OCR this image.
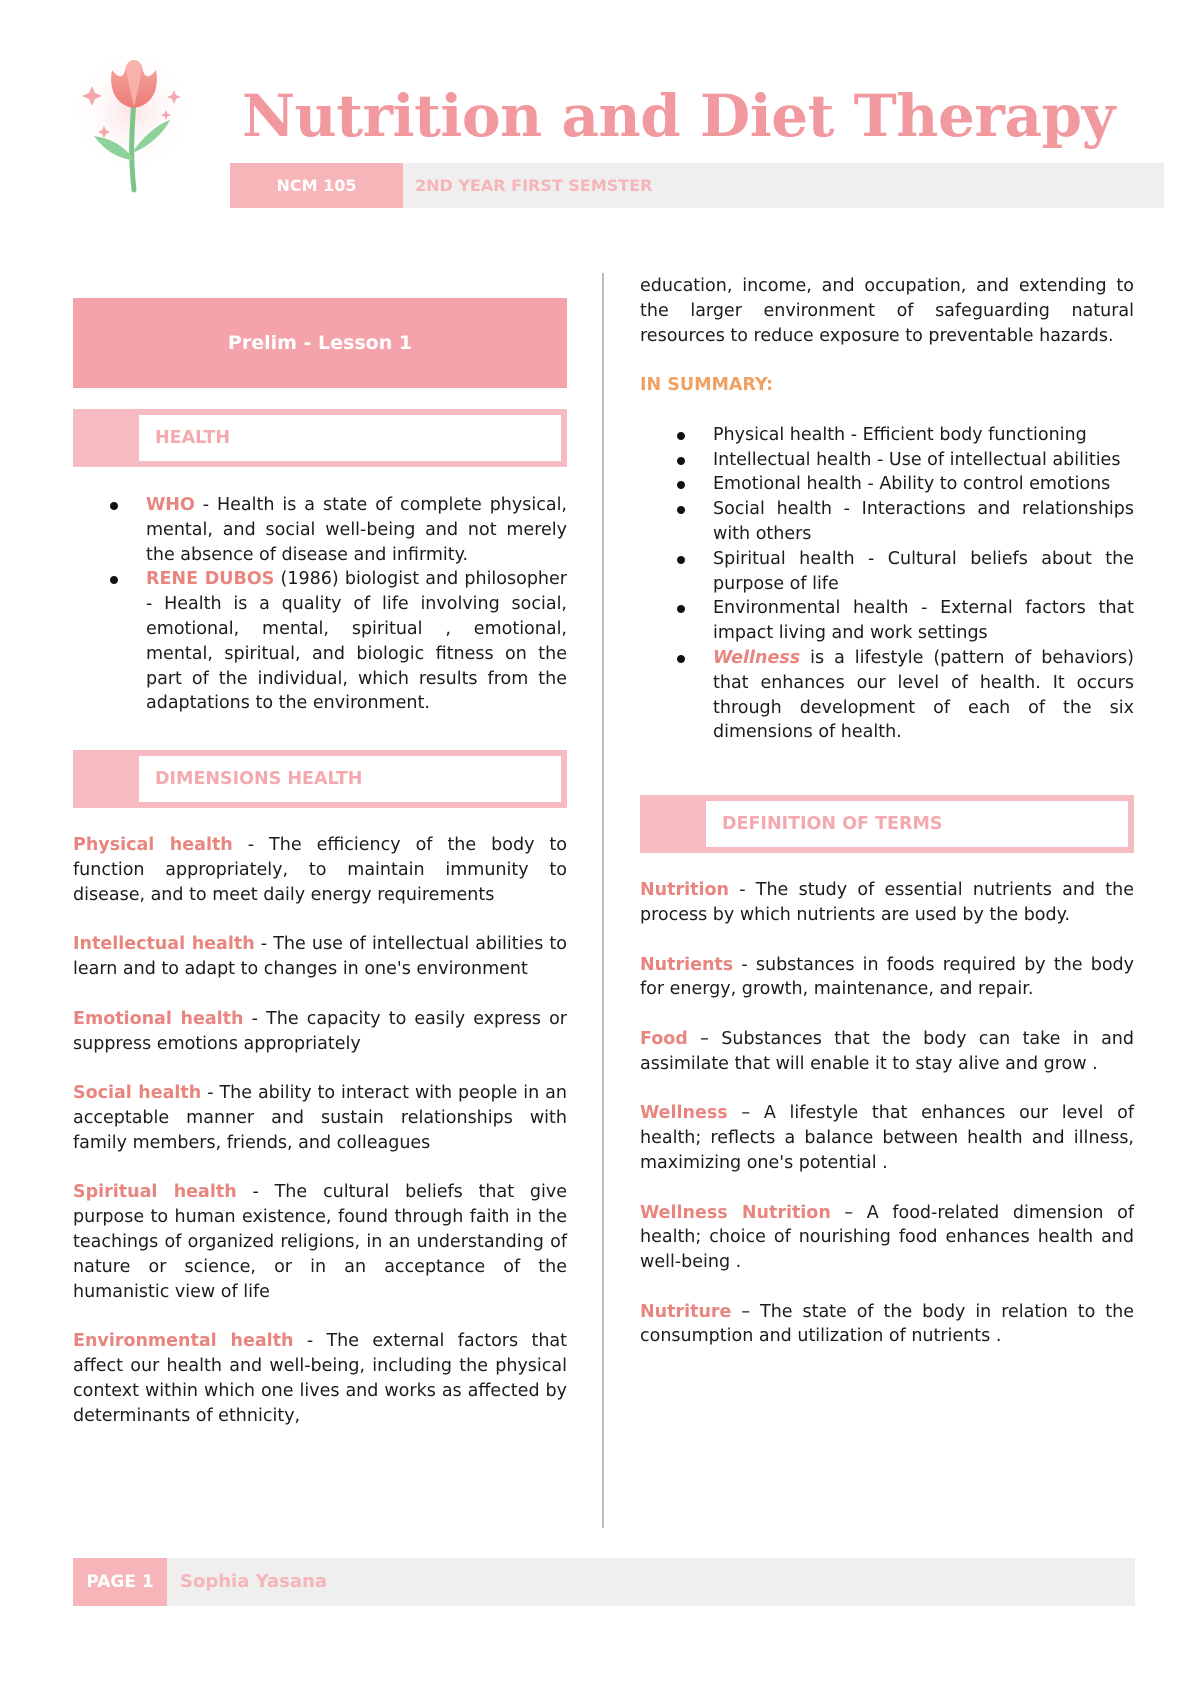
Nutrition and Diet Therapy
NCM 105	2ND YEAR FIRST SEMSTER
Prelim - Lesson 1
HEALTH
WHO - Health is a state of complete physical, mental, and social well-being and not merely the absence of disease and infirmity.
RENE DUBOS (1986) biologist and philosopher - Health is a quality of life involving social, emotional, mental, spiritual , emotional, mental, spiritual, and biologic fitness on the part of the individual, which results from the adaptations to the environment.
DIMENSIONS HEALTH

Physical health - The efficiency of the body to function appropriately, to maintain immunity to disease, and to meet daily energy requirements

Intellectual health - The use of intellectual abilities to learn and to adapt to changes in one's environment

Emotional health - The capacity to easily express or suppress emotions appropriately

Social health - The ability to interact with people in an acceptable manner and sustain relationships with family members, friends, and colleagues

Spiritual health - The cultural beliefs that give purpose to human existence, found through faith in the teachings of organized religions, in an understanding of nature or science, or in an acceptance of the humanistic view of life

Environmental health - The external factors that affect our health and well-being, including the physical context within which one lives and works as affected by determinants of ethnicity,

education, income, and occupation, and extending to the larger environment of safeguarding natural resources to reduce exposure to preventable hazards.

IN SUMMARY:

Physical health - Efficient body functioning
Intellectual health - Use of intellectual abilities
Emotional health - Ability to control emotions
Social health - Interactions and relationships with others
Spiritual health - Cultural beliefs about the purpose of life
Environmental health - External factors that impact living and work settings
Wellness is a lifestyle (pattern of behaviors) that enhances our level of health. It occurs through development of each of the six dimensions of health.
DEFINITION OF TERMS

Nutrition - The study of essential nutrients and the process by which nutrients are used by the body.

Nutrients - substances in foods required by the body for energy, growth, maintenance, and repair.

Food – Substances that the body can take in and assimilate that will enable it to stay alive and grow .

Wellness – A lifestyle that enhances our level of health; reflects a balance between health and illness, maximizing one's potential .

Wellness Nutrition – A food-related dimension of health; choice of nourishing food enhances health and well-being .

Nutriture – The state of the body in relation to the consumption and utilization of nutrients .

PAGE 1	Sophia Yasana
